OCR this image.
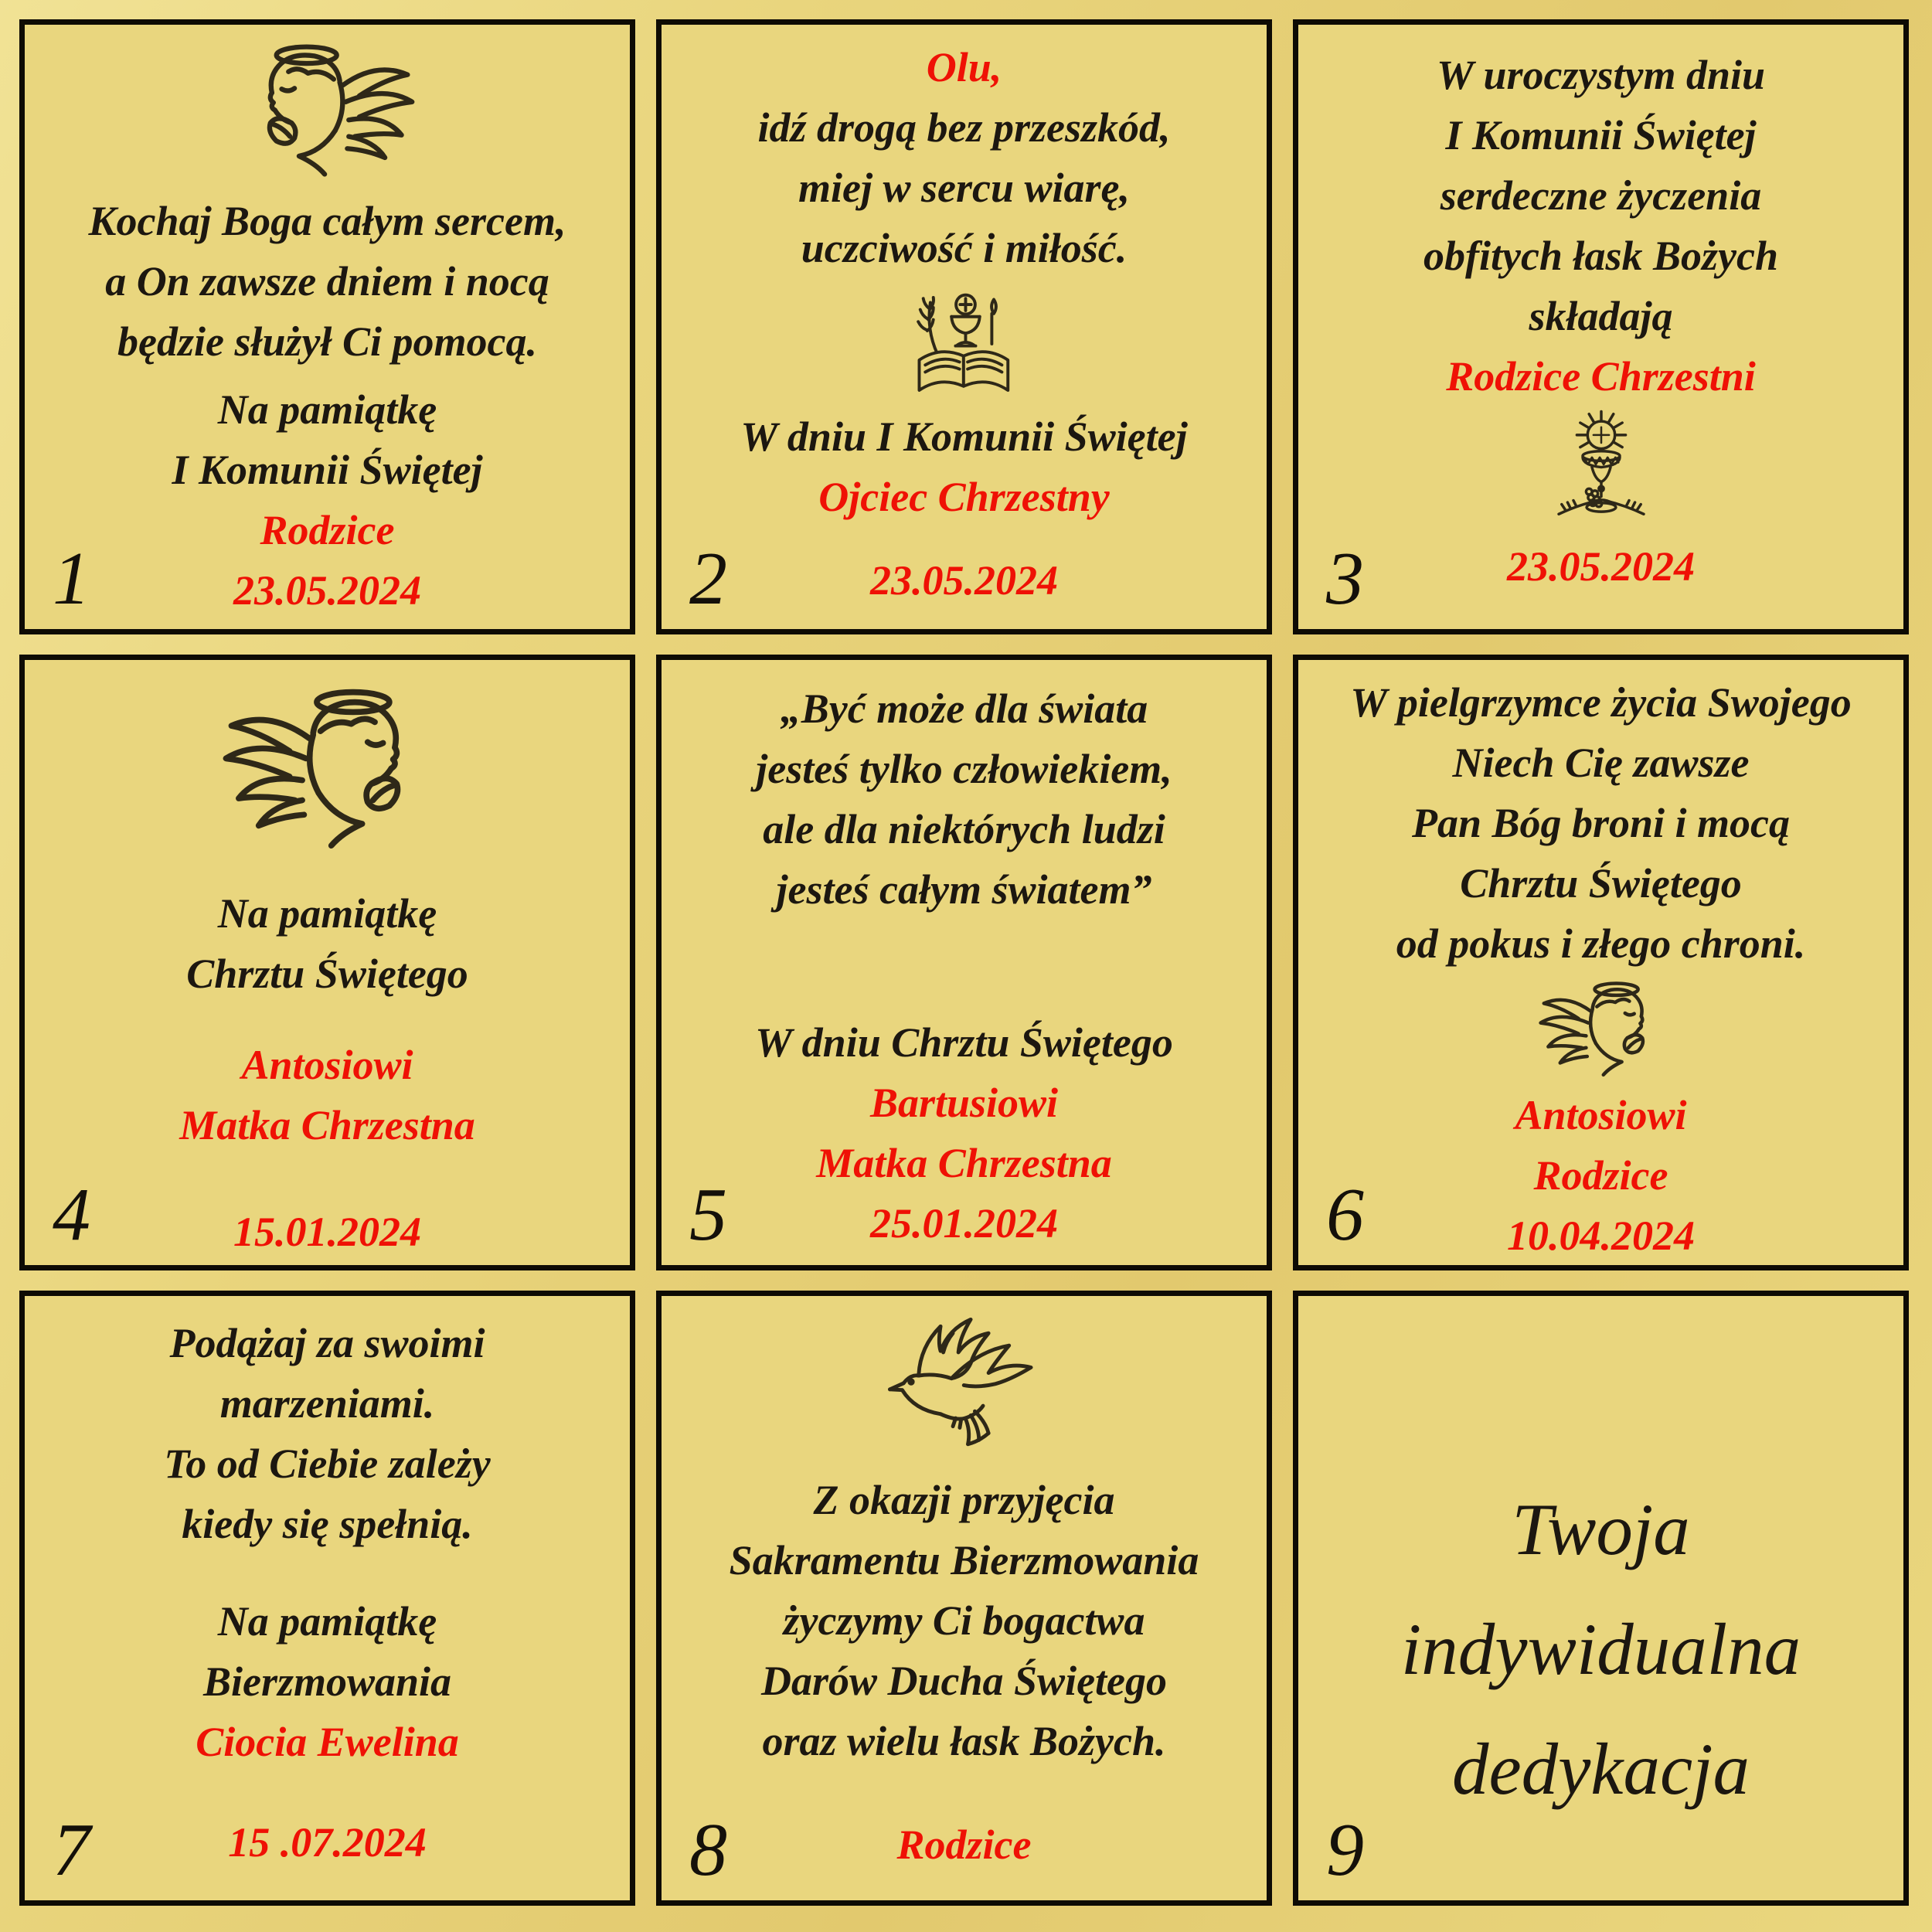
Kochaj Boga całym sercem,
a On zawsze dniem i nocą
będzie służył Ci pomocą.
Na pamiątkę
I Komunii Świętej
Rodzice
23.05.2024
1
Olu,
idź drogą bez przeszkód,
miej w sercu wiarę,
uczciwość i miłość.
W dniu I Komunii Świętej
Ojciec Chrzestny
23.05.2024
2
W uroczystym dniu
I Komunii Świętej
serdeczne życzenia
obfitych łask Bożych
składają
Rodzice Chrzestni
23.05.2024
3
Na pamiątkę
Chrztu Świętego
Antosiowi
Matka Chrzestna
15.01.2024
4
„Być może dla świata
jesteś tylko człowiekiem,
ale dla niektórych ludzi
jesteś całym światem”
W dniu Chrztu Świętego
Bartusiowi
Matka Chrzestna
25.01.2024
5
W pielgrzymce życia Swojego
Niech Cię zawsze
Pan Bóg broni i mocą
Chrztu Świętego
od pokus i złego chroni.
Antosiowi
Rodzice
10.04.2024
6
Podążaj za swoimi
marzeniami.
To od Ciebie zależy
kiedy się spełnią.
Na pamiątkę
Bierzmowania
Ciocia Ewelina
15 .07.2024
7
Z okazji przyjęcia
Sakramentu Bierzmowania
życzymy Ci bogactwa
Darów Ducha Świętego
oraz wielu łask Bożych.
Rodzice
8
Twoja
indywidualna
dedykacja
9
